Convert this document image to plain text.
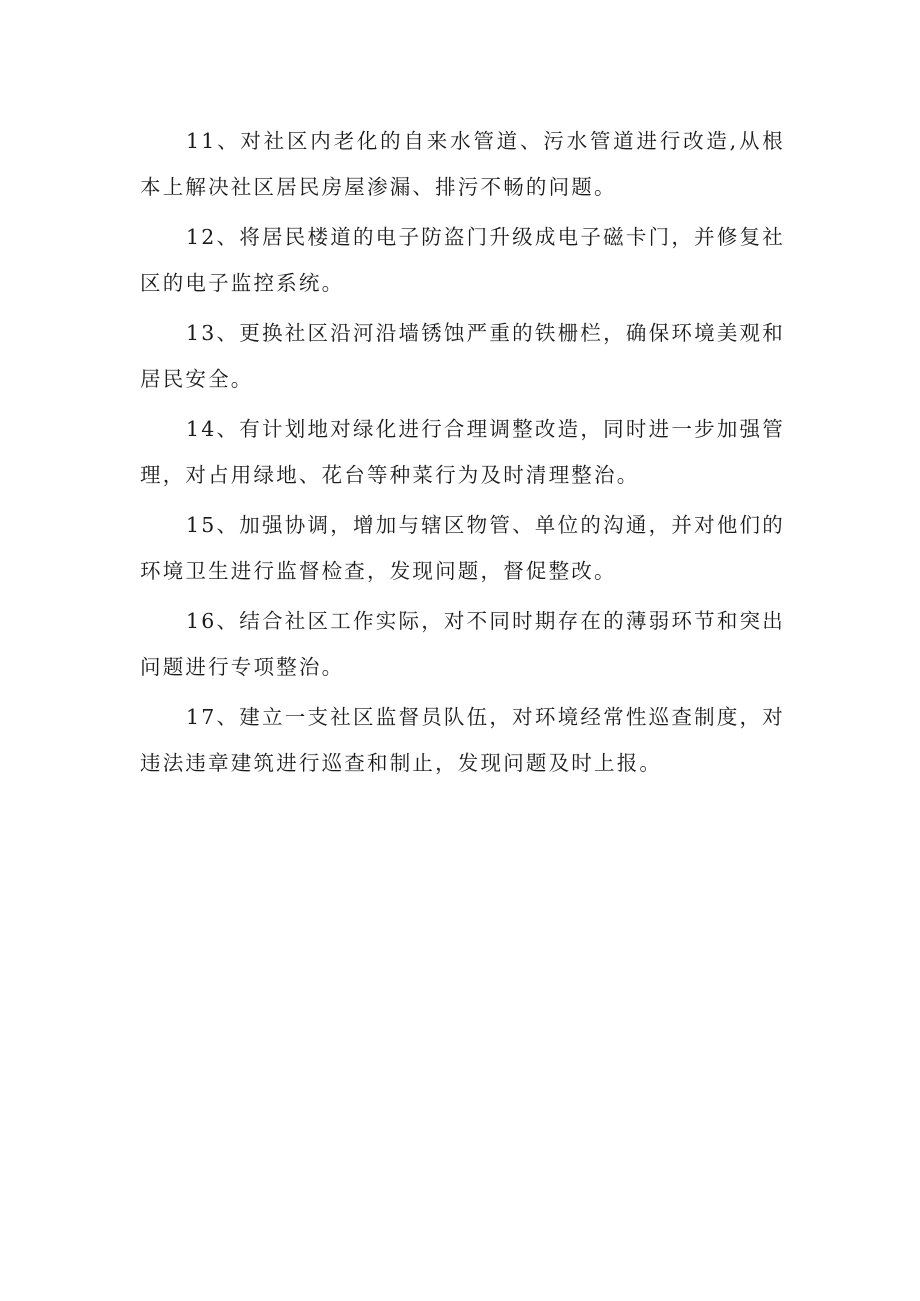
11、对社区内老化的自来水管道、污水管道进行改造,从根本上解决社区居民房屋渗漏、排污不畅的问题。

12、将居民楼道的电子防盗门升级成电子磁卡门，并修复社区的电子监控系统。

13、更换社区沿河沿墙锈蚀严重的铁栅栏，确保环境美观和居民安全。

14、有计划地对绿化进行合理调整改造，同时进一步加强管理，对占用绿地、花台等种菜行为及时清理整治。

15、加强协调，增加与辖区物管、单位的沟通，并对他们的环境卫生进行监督检查，发现问题，督促整改。

16、结合社区工作实际，对不同时期存在的薄弱环节和突出问题进行专项整治。

17、建立一支社区监督员队伍，对环境经常性巡查制度，对违法违章建筑进行巡查和制止，发现问题及时上报。
